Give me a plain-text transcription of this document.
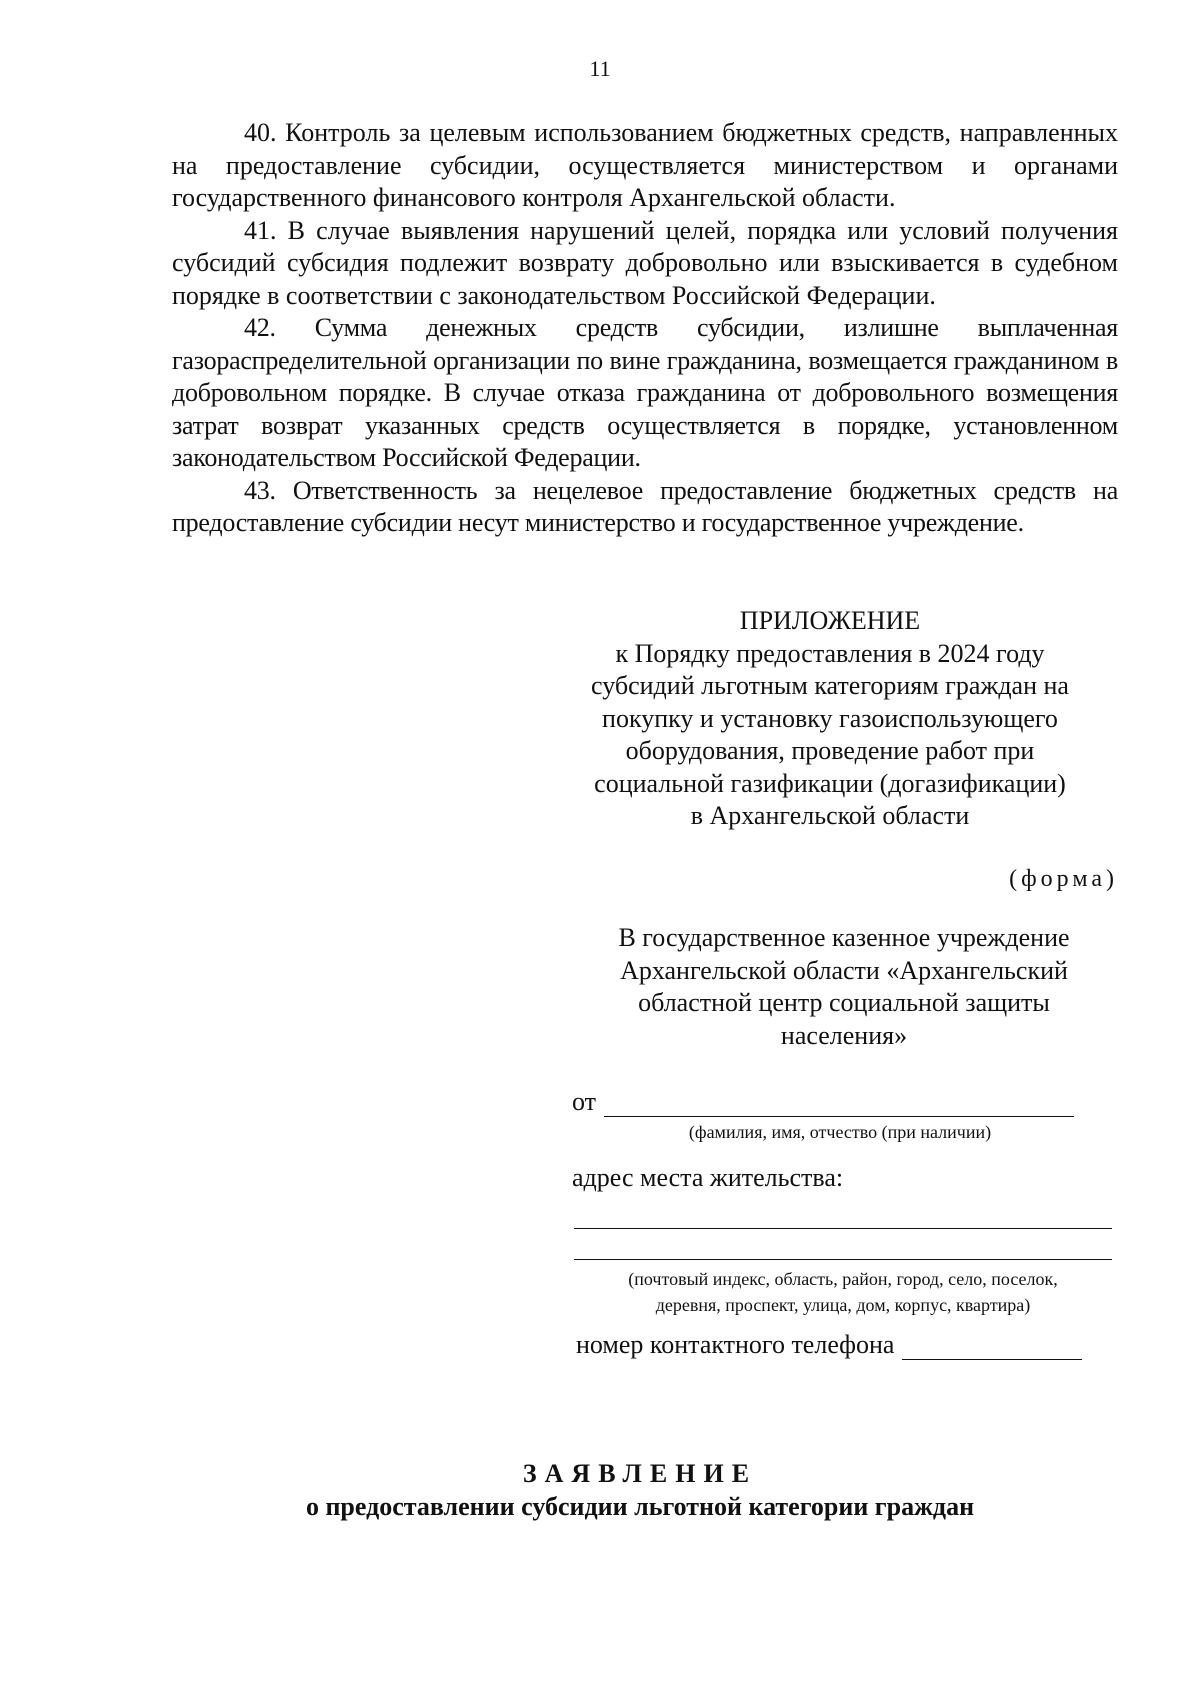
11

40. Контроль за целевым использованием бюджетных средств, направленных на предоставление субсидии, осуществляется министерством и органами государственного финансового контроля Архангельской области.

41. В случае выявления нарушений целей, порядка или условий получения субсидий субсидия подлежит возврату добровольно или взыскивается в судебном порядке в соответствии с законодательством Российской Федерации.

42. Сумма денежных средств субсидии, излишне выплаченная газораспределительной организации по вине гражданина, возмещается гражданином в добровольном порядке. В случае отказа гражданина от добровольного возмещения затрат возврат указанных средств осуществляется в порядке, установленном законодательством Российской Федерации.

43. Ответственность за нецелевое предоставление бюджетных средств на предоставление субсидии несут министерство и государственное учреждение.

ПРИЛОЖЕНИЕ
к Порядку предоставления в 2024 году
субсидий льготным категориям граждан на
покупку и установку газоиспользующего
оборудования, проведение работ при
социальной газификации (догазификации)
в Архангельской области
(форма)
В государственное казенное учреждение
Архангельской области «Архангельский
областной центр социальной защиты
населения»
от
(фамилия, имя, отчество (при наличии)
адрес места жительства:
(почтовый индекс, область, район, город, село, поселок,
деревня, проспект, улица, дом, корпус, квартира)
номер контактного телефона
ЗАЯВЛЕНИЕ
о предоставлении субсидии льготной категории граждан
